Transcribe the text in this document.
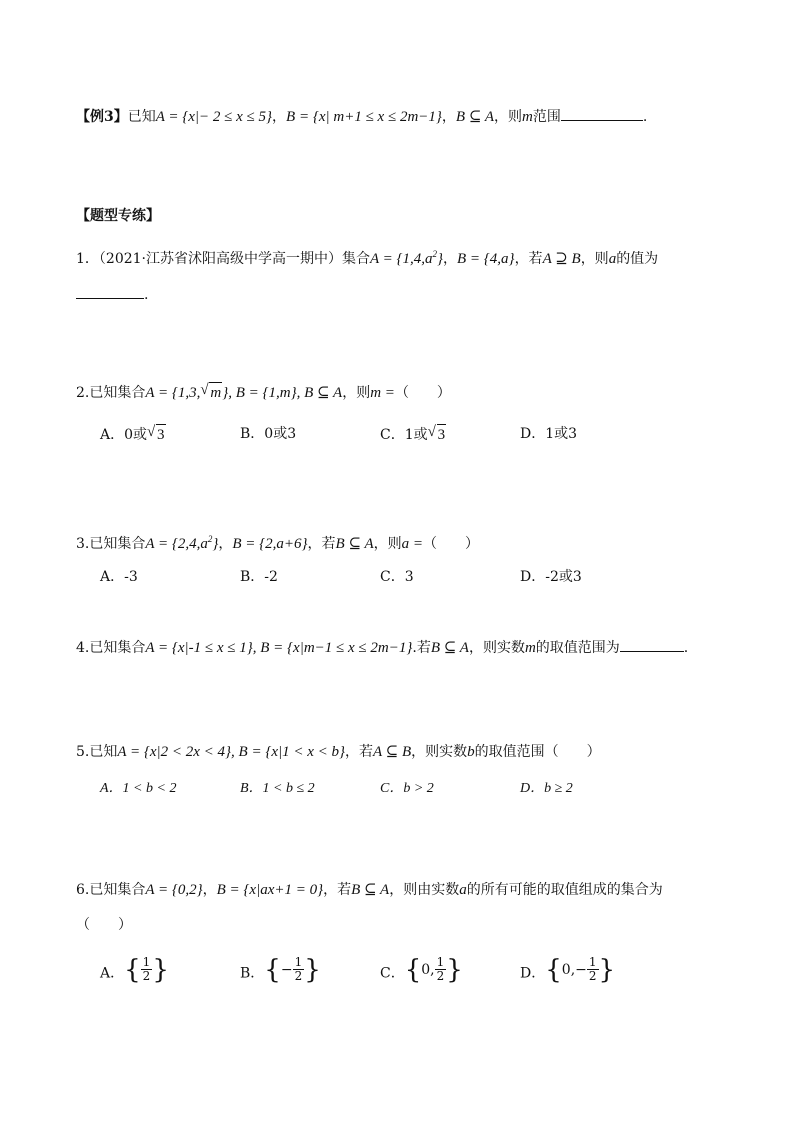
【例3】已知A = {x|− 2 ≤ x ≤ 5}，B = {x| m+1 ≤ x ≤ 2m−1}，B ⊆ A，则m范围	.
【题型专练】
1．（2021·江苏省沭阳高级中学高一期中）集合$A = \{1,4,a^2\}$，B = {4,a}，若A ⊇ B，则a的值为
.
2.已知集合A = {1,3, √ m}, B = {1,m}, B ⊆ A，则m =（　　）
A．0或 √ 3	B．0或3	C．1或 √ 3	D．1或3
3.已知集合$A = \{2,4,a^2\}$，B = {2,a+6}，若B ⊆ A，则a =（　　）
A．-3	B．-2	C．3	D．-2或3
4.已知集合A = {x|-1 ≤ x ≤ 1}, B = {x|m−1 ≤ x ≤ 2m−1}.若B ⊆ A，则实数m的取值范围为	.
5.已知A = {x|2 < 2x < 4}, B = {x|1 < x < b}，若A ⊆ B，则实数b的取值范围（　　）
A．1 < b < 2	B．1 < b ≤ 2	C．b > 2	D．b ≥ 2
6.已知集合A = {0,2}，B = {x|ax+1 = 0}，若B ⊆ A，则由实数a的所有可能的取值组成的集合为
（　　）
A． { $\frac{1}{2}$ }	B． { − $\frac{1}{2}$ }	C． { 0, $\frac{1}{2}$ }	D． { $0,- \frac{1}{2}$ }
